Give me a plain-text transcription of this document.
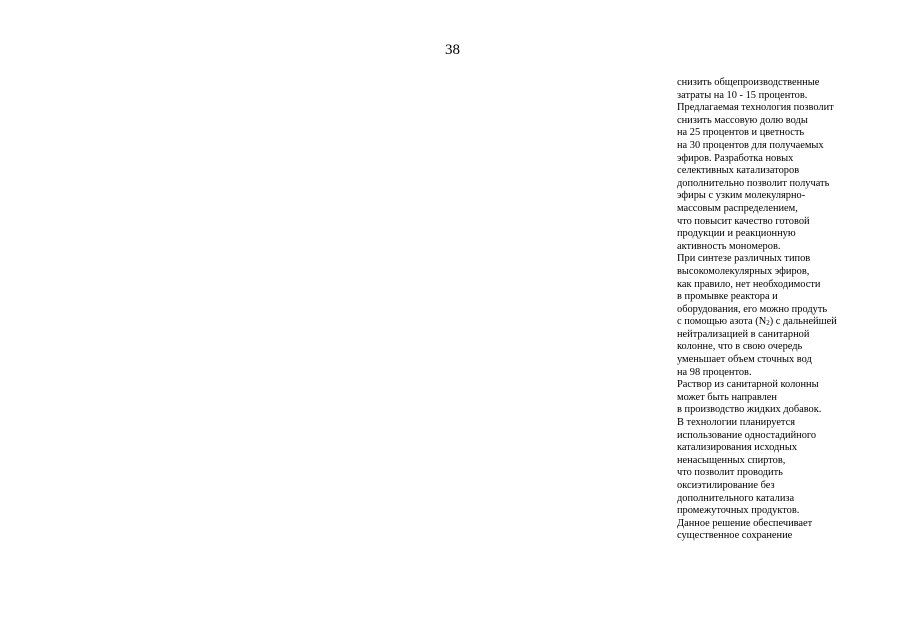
38
снизить общепроизводственные
затраты на 10 - 15 процентов.
Предлагаемая технология позволит
снизить массовую долю воды
на 25 процентов и цветность
на 30 процентов для получаемых
эфиров. Разработка новых
селективных катализаторов
дополнительно позволит получать
эфиры с узким молекулярно-
массовым распределением,
что повысит качество готовой
продукции и реакционную
активность мономеров.
При синтезе различных типов
высокомолекулярных эфиров,
как правило, нет необходимости
в промывке реактора и
оборудования, его можно продуть
с помощью азота $(N_2)$ с дальнейшей
нейтрализацией в санитарной
колонне, что в свою очередь
уменьшает объем сточных вод
на 98 процентов.
Раствор из санитарной колонны
может быть направлен
в производство жидких добавок.
В технологии планируется
использование одностадийного
катализирования исходных
ненасыщенных спиртов,
что позволит проводить
оксиэтилирование без
дополнительного катализа
промежуточных продуктов.
Данное решение обеспечивает
существенное сохранение
